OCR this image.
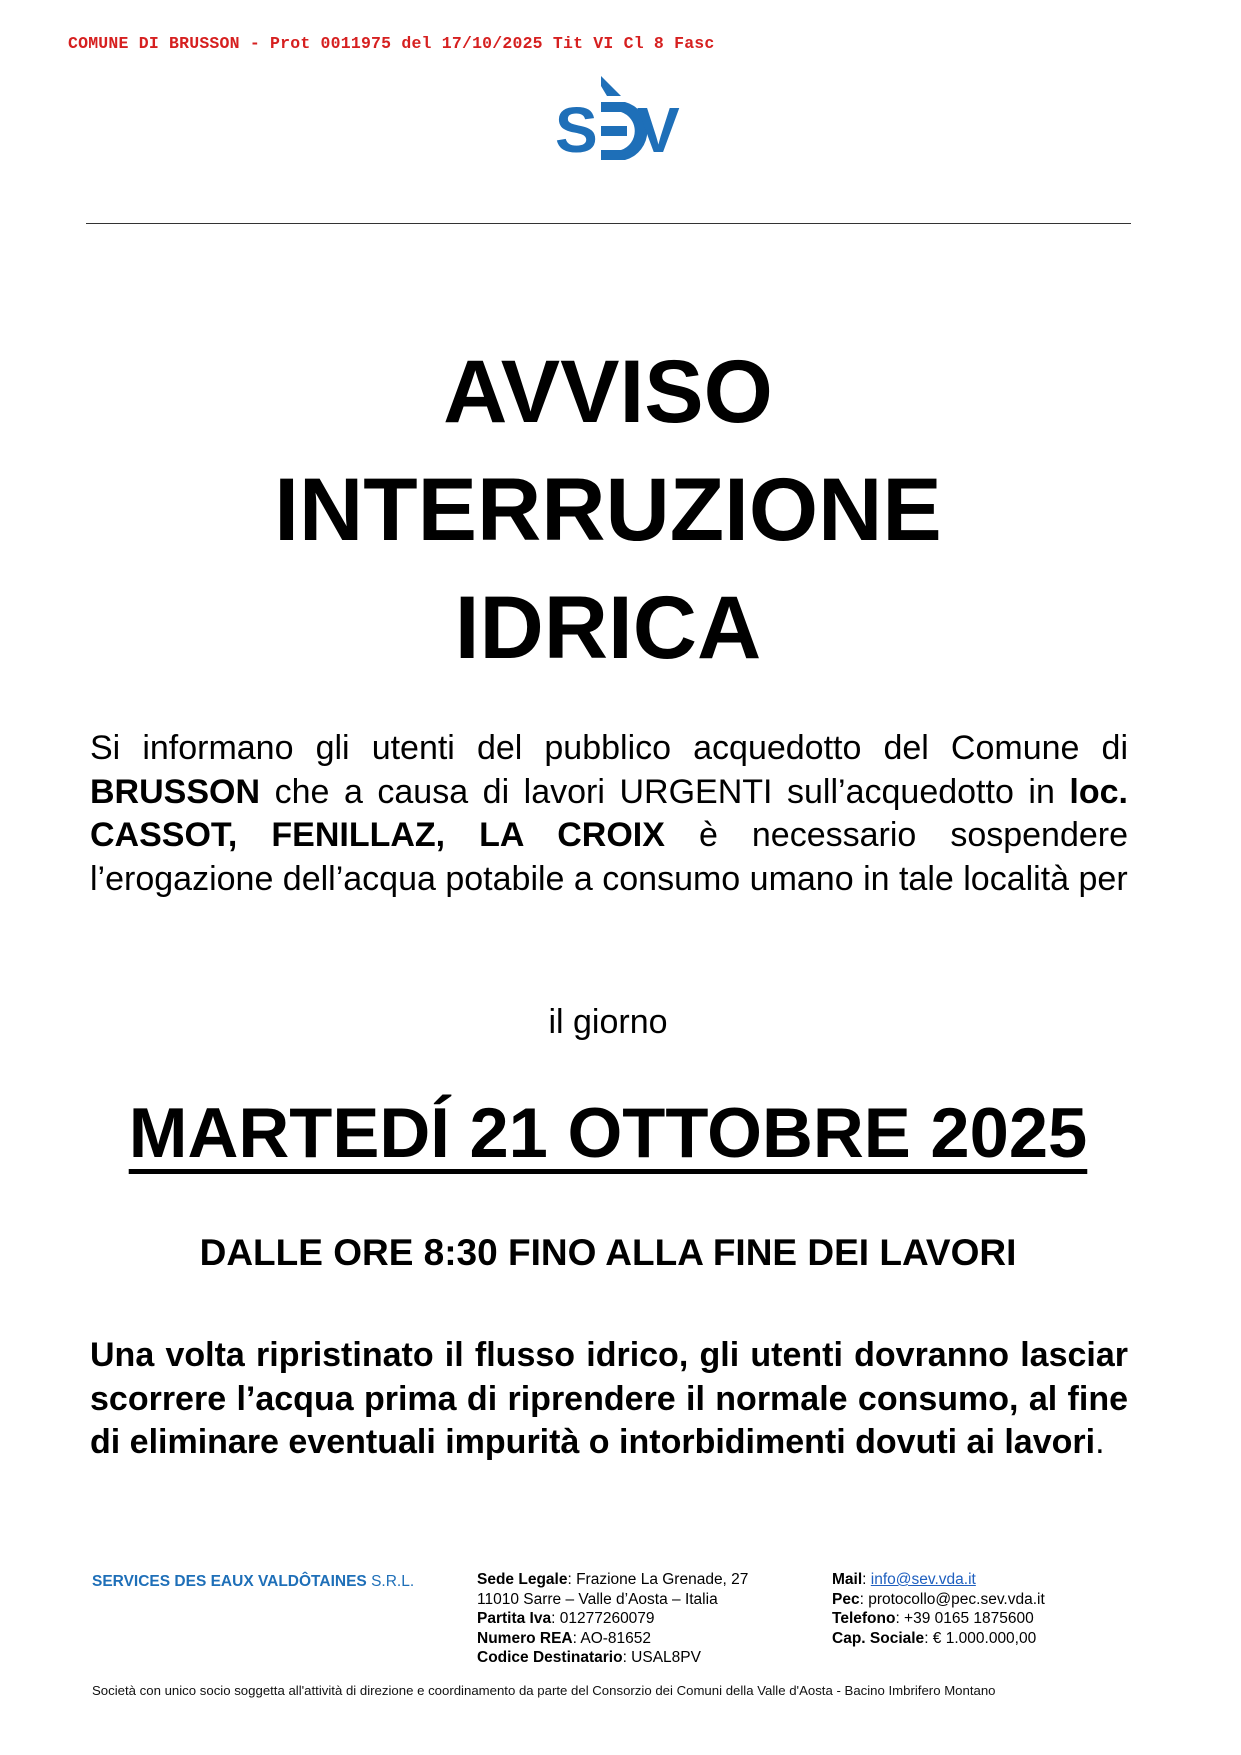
COMUNE DI BRUSSON - Prot 0011975 del 17/10/2025 Tit VI Cl 8 Fasc
S V
AVVISO
INTERRUZIONE
IDRICA
Si informano gli utenti del pubblico acquedotto del Comune di BRUSSON che a causa di lavori URGENTI sull’acquedotto in loc. CASSOT, FENILLAZ, LA CROIX è necessario sospendere l’erogazione dell’acqua potabile a consumo umano in tale località per
il giorno
MARTEDÍ 21 OTTOBRE 2025
DALLE ORE 8:30 FINO ALLA FINE DEI LAVORI
Una volta ripristinato il flusso idrico, gli utenti dovranno lasciar scorrere l’acqua prima di riprendere il normale consumo, al fine di eliminare eventuali impurità o intorbidimenti dovuti ai lavori.
SERVICES DES EAUX VALDÔTAINES S.R.L.	Sede Legale: Frazione La Grenade, 27
11010 Sarre – Valle d’Aosta – Italia
Partita Iva: 01277260079
Numero REA: AO-81652
Codice Destinatario: USAL8PV
Mail: info@sev.vda.it
Pec: protocollo@pec.sev.vda.it
Telefono: +39 0165 1875600
Cap. Sociale: € 1.000.000,00
Società con unico socio soggetta all'attività di direzione e coordinamento da parte del Consorzio dei Comuni della Valle d'Aosta - Bacino Imbrifero Montano
